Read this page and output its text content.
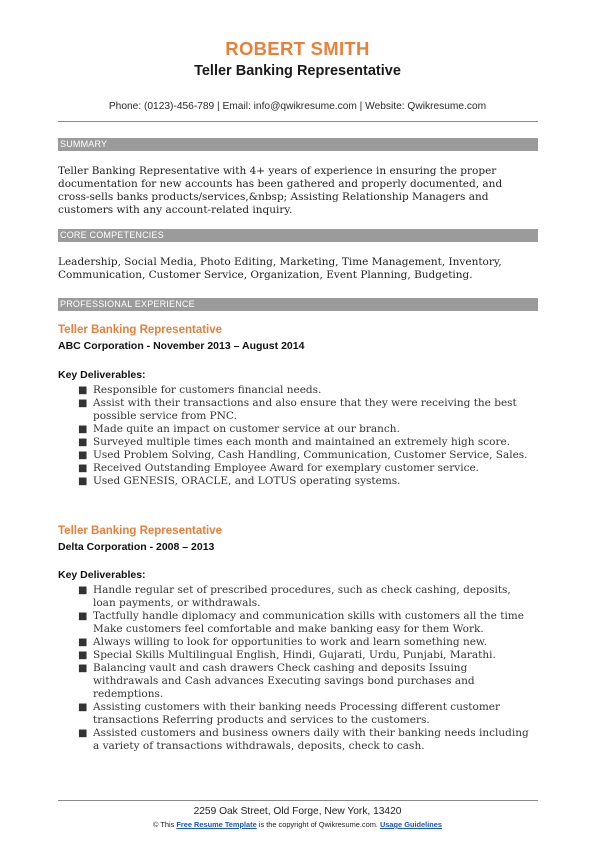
ROBERT SMITH
Teller Banking Representative
Phone: (0123)-456-789 | Email: info@qwikresume.com | Website: Qwikresume.com
SUMMARY
Teller Banking Representative with 4+ years of experience in ensuring the proper
documentation for new accounts has been gathered and properly documented, and
cross-sells banks products/services,&nbsp; Assisting Relationship Managers and
customers with any account-related inquiry.
CORE COMPETENCIES
Leadership, Social Media, Photo Editing, Marketing, Time Management, Inventory,
Communication, Customer Service, Organization, Event Planning, Budgeting.
PROFESSIONAL EXPERIENCE
Teller Banking Representative
ABC Corporation - November 2013 – August 2014
Key Deliverables:
■ Responsible for customers financial needs.
■ Assist with their transactions and also ensure that they were receiving the best
possible service from PNC.
■ Made quite an impact on customer service at our branch.
■ Surveyed multiple times each month and maintained an extremely high score.
■ Used Problem Solving, Cash Handling, Communication, Customer Service, Sales.
■ Received Outstanding Employee Award for exemplary customer service.
■ Used GENESIS, ORACLE, and LOTUS operating systems.
Teller Banking Representative
Delta Corporation - 2008 – 2013
Key Deliverables:
■ Handle regular set of prescribed procedures, such as check cashing, deposits,
loan payments, or withdrawals.
■ Tactfully handle diplomacy and communication skills with customers all the time
Make customers feel comfortable and make banking easy for them Work.
■ Always willing to look for opportunities to work and learn something new.
■ Special Skills Multilingual English, Hindi, Gujarati, Urdu, Punjabi, Marathi.
■ Balancing vault and cash drawers Check cashing and deposits Issuing
withdrawals and Cash advances Executing savings bond purchases and
redemptions.
■ Assisting customers with their banking needs Processing different customer
transactions Referring products and services to the customers.
■ Assisted customers and business owners daily with their banking needs including
a variety of transactions withdrawals, deposits, check to cash.
2259 Oak Street, Old Forge, New York, 13420
© This Free Resume Template is the copyright of Qwikresume.com. Usage Guidelines
